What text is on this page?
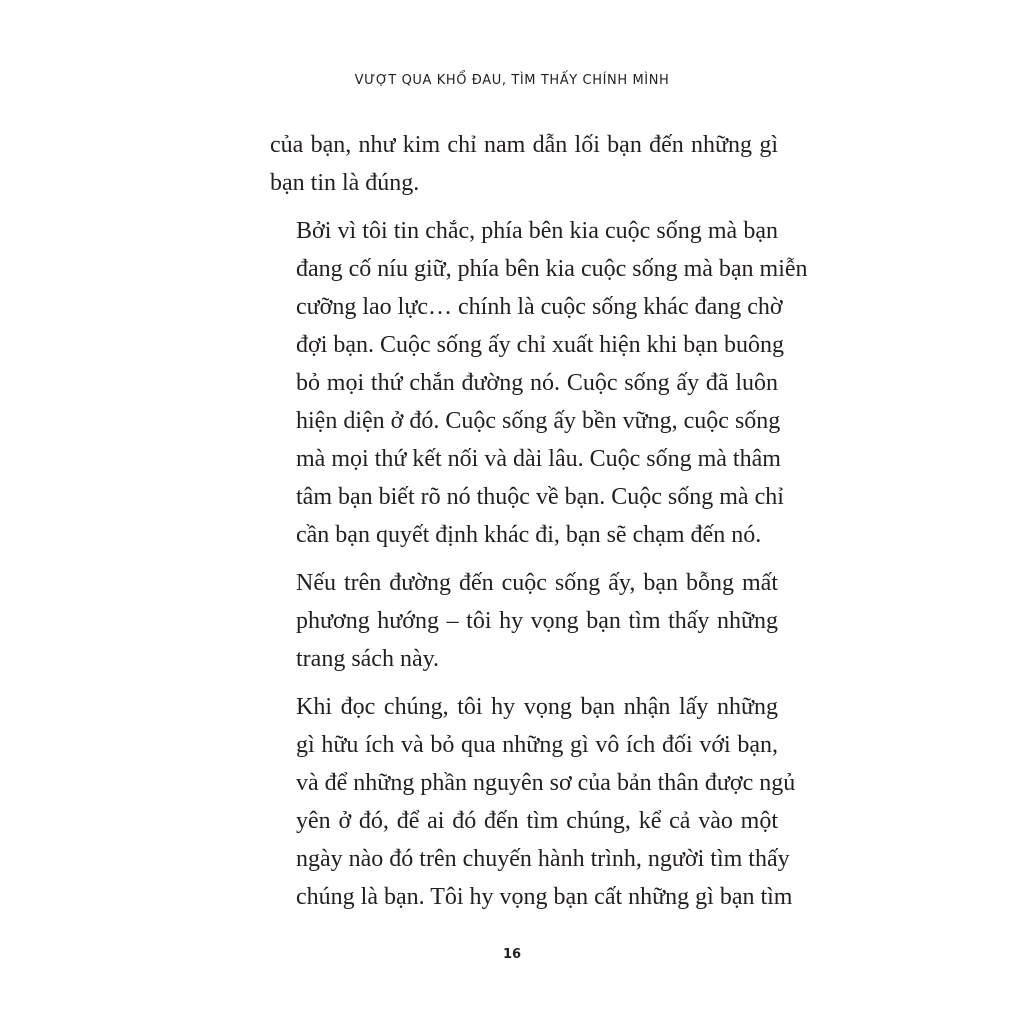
VƯỢT QUA KHỔ ĐAU, TÌM THẤY CHÍNH MÌNH

của bạn, như kim chỉ nam dẫn lối bạn đến những gì
bạn tin là đúng.

Bởi vì tôi tin chắc, phía bên kia cuộc sống mà bạn
đang cố níu giữ, phía bên kia cuộc sống mà bạn miễn
cưỡng lao lực… chính là cuộc sống khác đang chờ
đợi bạn. Cuộc sống ấy chỉ xuất hiện khi bạn buông
bỏ mọi thứ chắn đường nó. Cuộc sống ấy đã luôn
hiện diện ở đó. Cuộc sống ấy bền vững, cuộc sống
mà mọi thứ kết nối và dài lâu. Cuộc sống mà thâm
tâm bạn biết rõ nó thuộc về bạn. Cuộc sống mà chỉ
cần bạn quyết định khác đi, bạn sẽ chạm đến nó.

Nếu trên đường đến cuộc sống ấy, bạn bỗng mất
phương hướng – tôi hy vọng bạn tìm thấy những
trang sách này.

Khi đọc chúng, tôi hy vọng bạn nhận lấy những
gì hữu ích và bỏ qua những gì vô ích đối với bạn,
và để những phần nguyên sơ của bản thân được ngủ
yên ở đó, để ai đó đến tìm chúng, kể cả vào một
ngày nào đó trên chuyến hành trình, người tìm thấy
chúng là bạn. Tôi hy vọng bạn cất những gì bạn tìm

16
